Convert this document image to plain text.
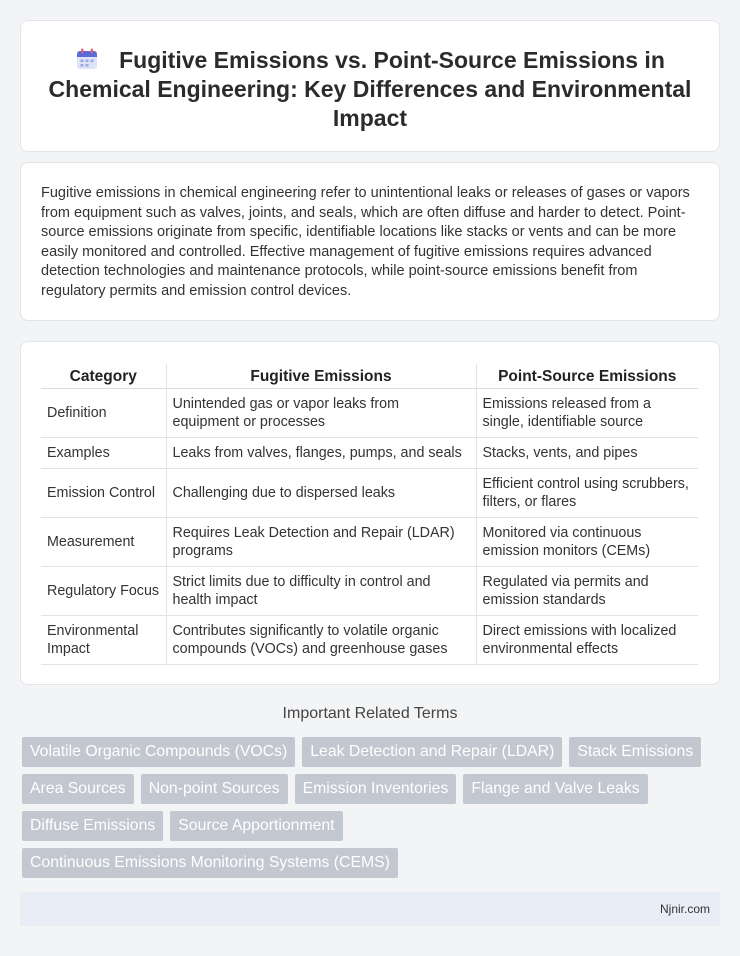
Fugitive Emissions vs. Point-Source Emissions in Chemical Engineering: Key Differences and Environmental Impact

Fugitive emissions in chemical engineering refer to unintentional leaks or releases of gases or vapors from equipment such as valves, joints, and seals, which are often diffuse and harder to detect. Point-source emissions originate from specific, identifiable locations like stacks or vents and can be more easily monitored and controlled. Effective management of fugitive emissions requires advanced detection technologies and maintenance protocols, while point-source emissions benefit from regulatory permits and emission control devices.

Category	Fugitive Emissions	Point-Source Emissions
Definition	Unintended gas or vapor leaks from equipment or processes	Emissions released from a single, identifiable source
Examples	Leaks from valves, flanges, pumps, and seals	Stacks, vents, and pipes
Emission Control	Challenging due to dispersed leaks	Efficient control using scrubbers, filters, or flares
Measurement	Requires Leak Detection and Repair (LDAR) programs	Monitored via continuous emission monitors (CEMs)
Regulatory Focus	Strict limits due to difficulty in control and health impact	Regulated via permits and emission standards
Environmental Impact	Contributes significantly to volatile organic compounds (VOCs) and greenhouse gases	Direct emissions with localized environmental effects
Important Related Terms
Volatile Organic Compounds (VOCs)	Leak Detection and Repair (LDAR)	Stack Emissions
Area Sources	Non-point Sources	Emission Inventories	Flange and Valve Leaks
Diffuse Emissions	Source Apportionment
Continuous Emissions Monitoring Systems (CEMS)
Njnir.com
